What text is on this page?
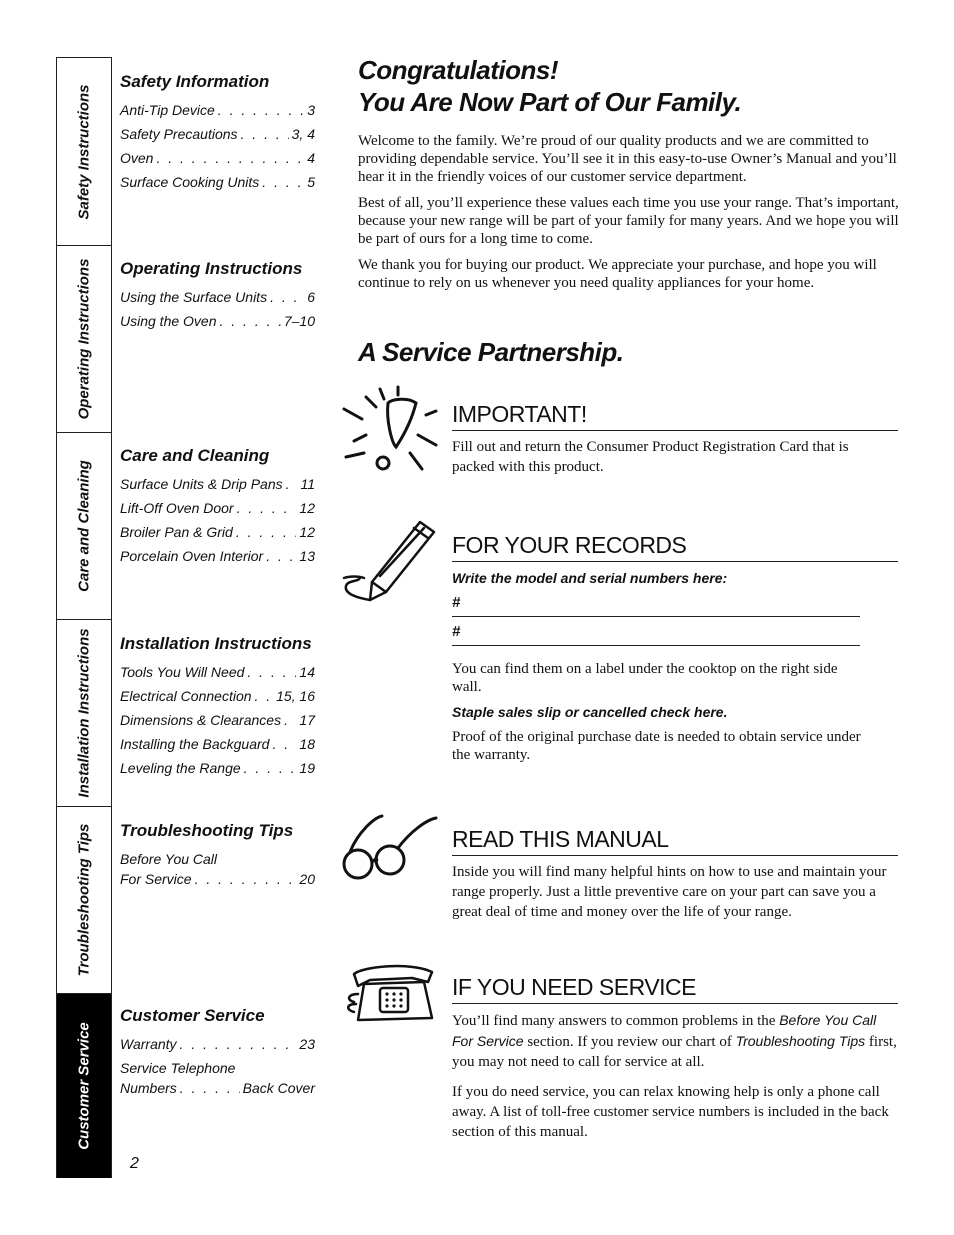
Safety Instructions
Operating Instructions
Care and Cleaning
Installation Instructions
Troubleshooting Tips
Customer Service
Safety Information
Anti-Tip Device . . .	3
Safety Precautions . . .	3, 4
Oven . . .	4
Surface Cooking Units . . .	5
Operating Instructions
Using the Surface Units . . .	6
Using the Oven . . .	7–10
Care and Cleaning
Surface Units & Drip Pans . . . 11
Lift-Off Oven Door . . .	12
Broiler Pan & Grid . . .	12
Porcelain Oven Interior . . .	13
Installation Instructions
Tools You Will Need . . .	14
Electrical Connection . . . 15, 16
Dimensions & Clearances . . . 17
Installing the Backguard . . . 18
Leveling the Range . . .	19
Troubleshooting Tips
Before You Call
For Service . . .	20
Customer Service
Warranty . . .	23
Service Telephone
Numbers . . .	Back Cover
2
Congratulations!
You Are Now Part of Our Family.

Welcome to the family. We’re proud of our quality products and we are committed to providing dependable service. You’ll see it in this easy-to-use Owner’s Manual and you’ll hear it in the friendly voices of our customer service department.

Best of all, you’ll experience these values each time you use your range. That’s important, because your new range will be part of your family for many years. And we hope you will be part of ours for a long time to come.

We thank you for buying our product. We appreciate your purchase, and hope you will continue to rely on us whenever you need quality appliances for your home.

A Service Partnership.
IMPORTANT!
Fill out and return the Consumer Product Registration Card that is packed with this product.
FOR YOUR RECORDS
Write the model and serial numbers here:
#
#
You can find them on a label under the cooktop on the right side wall.
Staple sales slip or cancelled check here.
Proof of the original purchase date is needed to obtain service under the warranty.
READ THIS MANUAL
Inside you will find many helpful hints on how to use and maintain your range properly. Just a little preventive care on your part can save you a great deal of time and money over the life of your range.
IF YOU NEED SERVICE
You’ll find many answers to common problems in the Before You Call For Service section. If you review our chart of Troubleshooting Tips first, you may not need to call for service at all.
If you do need service, you can relax knowing help is only a phone call away. A list of toll-free customer service numbers is included in the back section of this manual.
